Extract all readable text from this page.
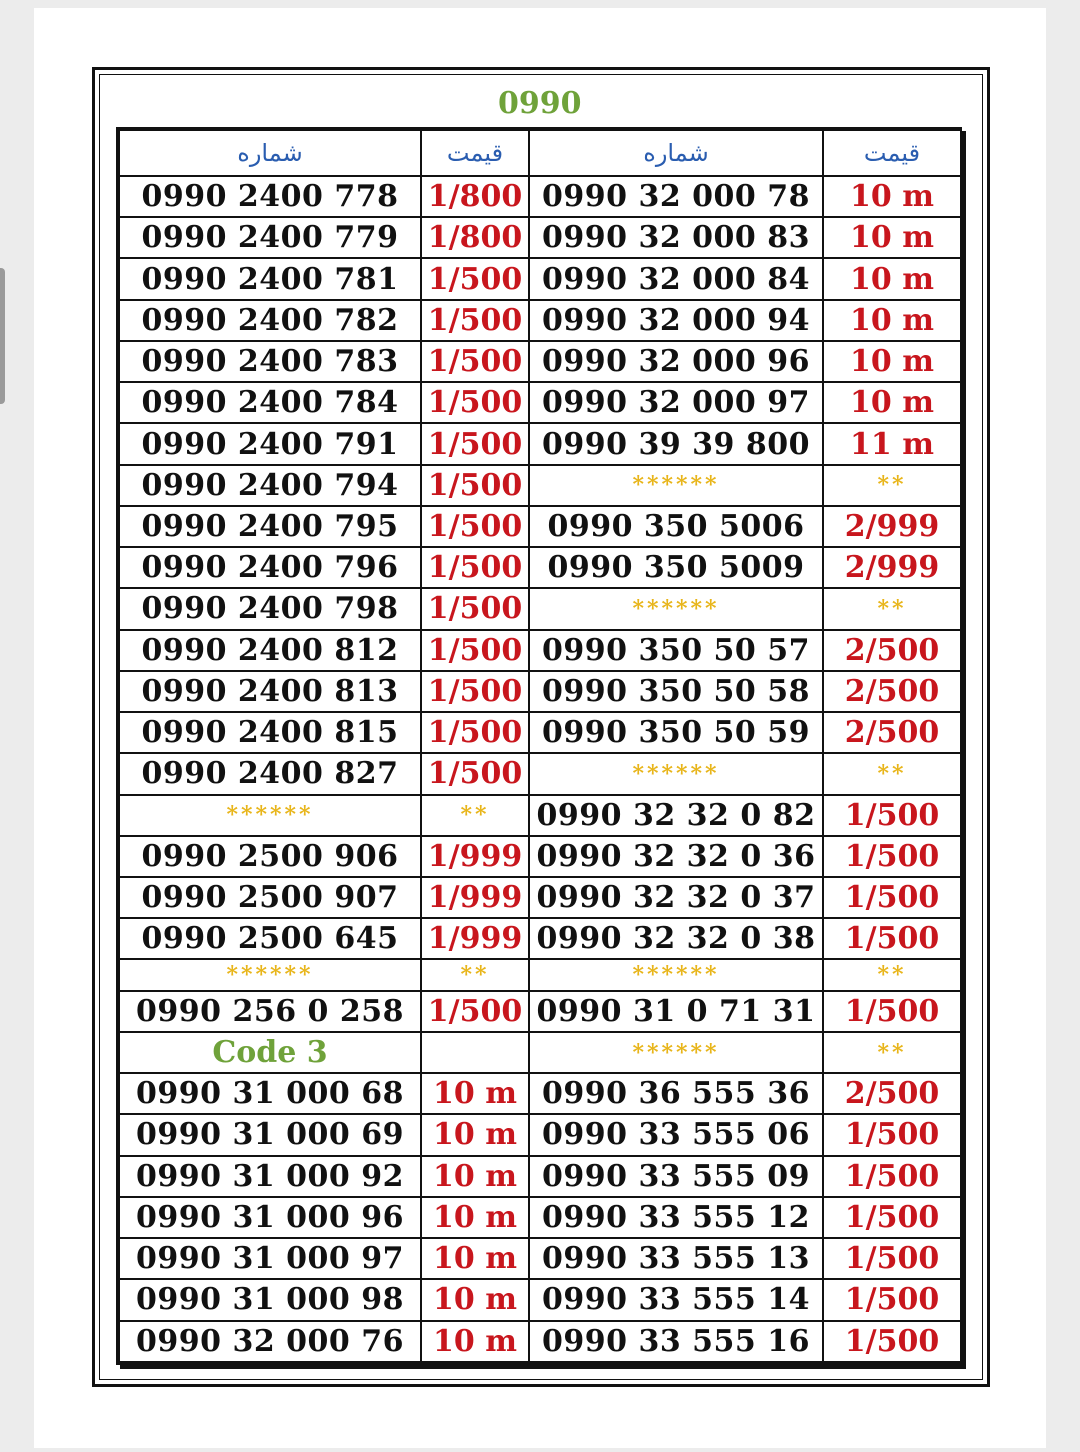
0990
شماره	قیمت	شماره	قیمت
0990 2400 778	1/800	0990 32 000 78	10 m
0990 2400 779	1/800	0990 32 000 83	10 m
0990 2400 781	1/500	0990 32 000 84	10 m
0990 2400 782	1/500	0990 32 000 94	10 m
0990 2400 783	1/500	0990 32 000 96	10 m
0990 2400 784	1/500	0990 32 000 97	10 m
0990 2400 791	1/500	0990 39 39 800	11 m
0990 2400 794	1/500	******	**
0990 2400 795	1/500	0990 350 5006	2/999
0990 2400 796	1/500	0990 350 5009	2/999
0990 2400 798	1/500	******	**
0990 2400 812	1/500	0990 350 50 57	2/500
0990 2400 813	1/500	0990 350 50 58	2/500
0990 2400 815	1/500	0990 350 50 59	2/500
0990 2400 827	1/500	******	**
******	**	0990 32 32 0 82	1/500
0990 2500 906	1/999	0990 32 32 0 36	1/500
0990 2500 907	1/999	0990 32 32 0 37	1/500
0990 2500 645	1/999	0990 32 32 0 38	1/500
******	**	******	**
0990 256 0 258	1/500	0990 31 0 71 31	1/500
Code 3		******	**
0990 31 000 68	10 m	0990 36 555 36	2/500
0990 31 000 69	10 m	0990 33 555 06	1/500
0990 31 000 92	10 m	0990 33 555 09	1/500
0990 31 000 96	10 m	0990 33 555 12	1/500
0990 31 000 97	10 m	0990 33 555 13	1/500
0990 31 000 98	10 m	0990 33 555 14	1/500
0990 32 000 76	10 m	0990 33 555 16	1/500
